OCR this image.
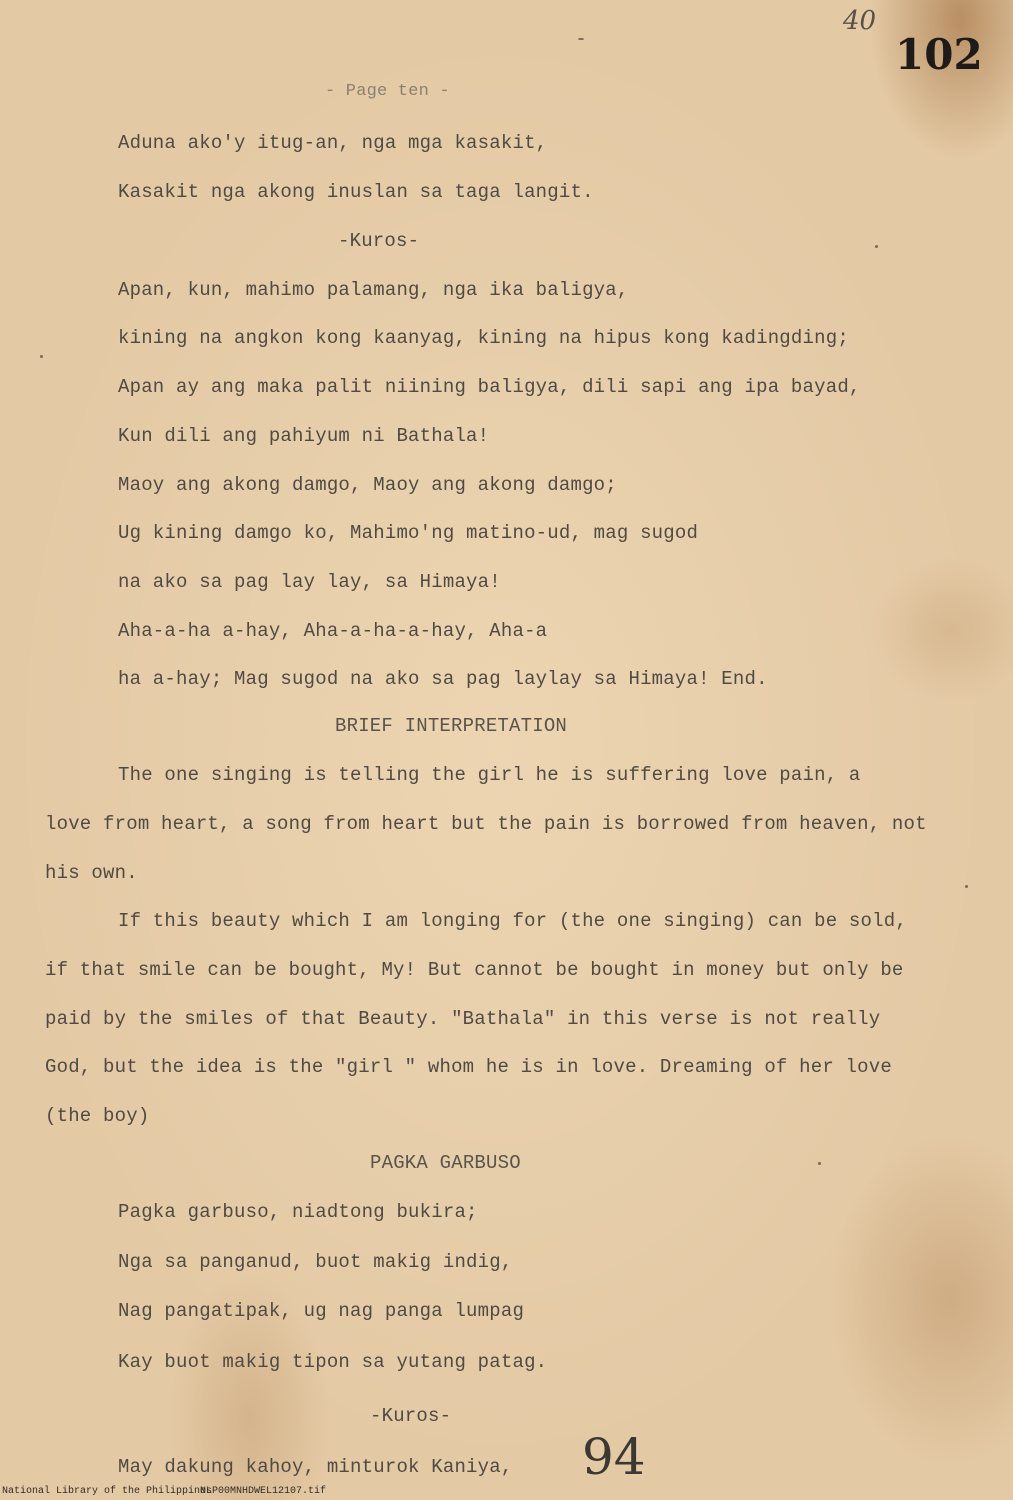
40
102
- Page ten -
Aduna ako'y itug-an, nga mga kasakit,
Kasakit nga akong inuslan sa taga langit.
-Kuros-
Apan, kun, mahimo palamang, nga ika baligya,
kining na angkon kong kaanyag, kining na hipus kong kadingding;
Apan ay ang maka palit niining baligya, dili sapi ang ipa bayad,
Kun dili ang pahiyum ni Bathala!
Maoy ang akong damgo, Maoy ang akong damgo;
Ug kining damgo ko, Mahimo'ng matino-ud, mag sugod
na ako sa pag lay lay, sa Himaya!
Aha-a-ha a-hay, Aha-a-ha-a-hay, Aha-a
ha a-hay; Mag sugod na ako sa pag laylay sa Himaya! End.
BRIEF INTERPRETATION
The one singing is telling the girl he is suffering love pain, a
love from heart, a song from heart but the pain is borrowed from heaven, not
his own.
If this beauty which I am longing for (the one singing) can be sold,
if that smile can be bought, My! But cannot be bought in money but only be
paid by the smiles of that Beauty. "Bathala" in this verse is not really
God, but the idea is the "girl " whom he is in love. Dreaming of her love
(the boy)
PAGKA GARBUSO
Pagka garbuso, niadtong bukira;
Nga sa panganud, buot makig indig,
Nag pangatipak, ug nag panga lumpag
Kay buot makig tipon sa yutang patag.
-Kuros-
May dakung kahoy, minturok Kaniya, 94
National Library of the Philippines
NLP00MNHDWEL12107.tif
